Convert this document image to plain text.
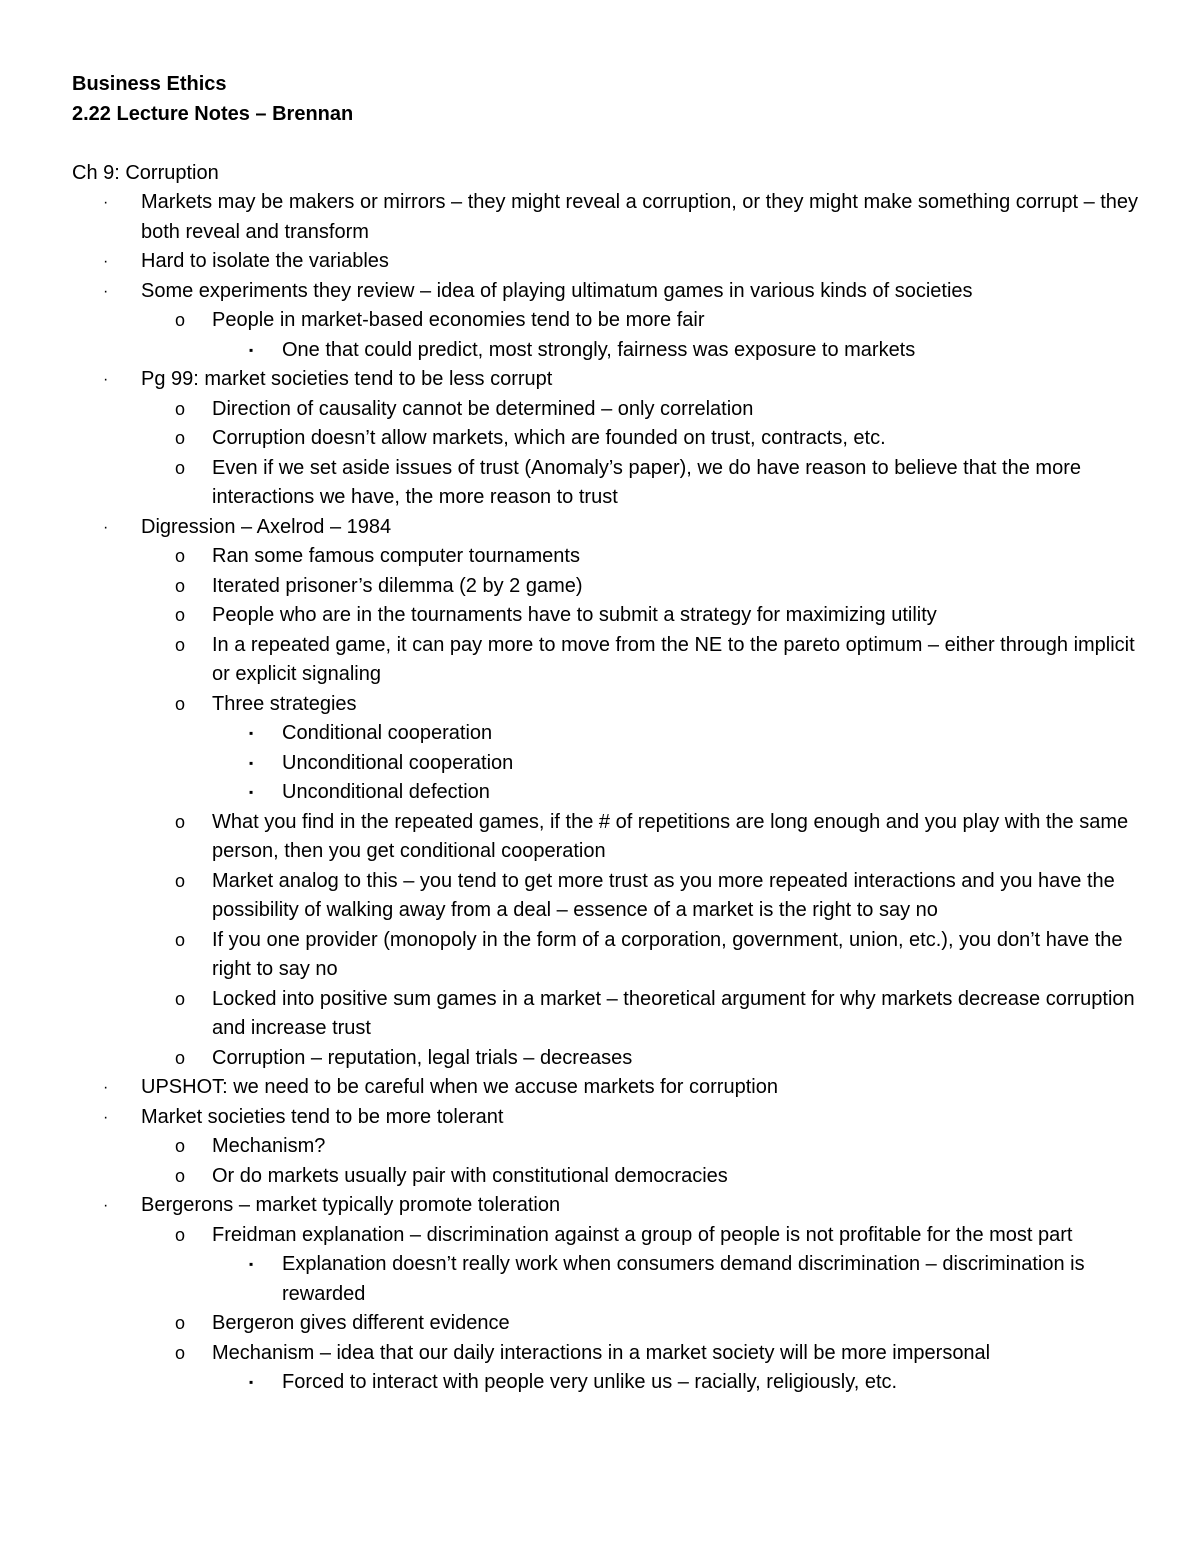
Business Ethics
2.22 Lecture Notes – Brennan
Ch 9: Corruption
· Markets may be makers or mirrors – they might reveal a corruption, or they might make something corrupt – they both reveal and transform
· Hard to isolate the variables
· Some experiments they review – idea of playing ultimatum games in various kinds of societies
o People in market-based economies tend to be more fair
▪ One that could predict, most strongly, fairness was exposure to markets
· Pg 99: market societies tend to be less corrupt
o Direction of causality cannot be determined – only correlation
o Corruption doesn’t allow markets, which are founded on trust, contracts, etc.
o Even if we set aside issues of trust (Anomaly’s paper), we do have reason to believe that the more interactions we have, the more reason to trust
· Digression – Axelrod – 1984
o Ran some famous computer tournaments
o Iterated prisoner’s dilemma (2 by 2 game)
o People who are in the tournaments have to submit a strategy for maximizing utility
o In a repeated game, it can pay more to move from the NE to the pareto optimum – either through implicit or explicit signaling
o Three strategies
▪ Conditional cooperation
▪ Unconditional cooperation
▪ Unconditional defection
o What you find in the repeated games, if the # of repetitions are long enough and you play with the same person, then you get conditional cooperation
o Market analog to this – you tend to get more trust as you more repeated interactions and you have the possibility of walking away from a deal – essence of a market is the right to say no
o If you one provider (monopoly in the form of a corporation, government, union, etc.), you don’t have the right to say no
o Locked into positive sum games in a market – theoretical argument for why markets decrease corruption and increase trust
o Corruption – reputation, legal trials – decreases
· UPSHOT: we need to be careful when we accuse markets for corruption
· Market societies tend to be more tolerant
o Mechanism?
o Or do markets usually pair with constitutional democracies
· Bergerons – market typically promote toleration
o Freidman explanation – discrimination against a group of people is not profitable for the most part
▪ Explanation doesn’t really work when consumers demand discrimination – discrimination is rewarded
o Bergeron gives different evidence
o Mechanism – idea that our daily interactions in a market society will be more impersonal
▪ Forced to interact with people very unlike us – racially, religiously, etc.
